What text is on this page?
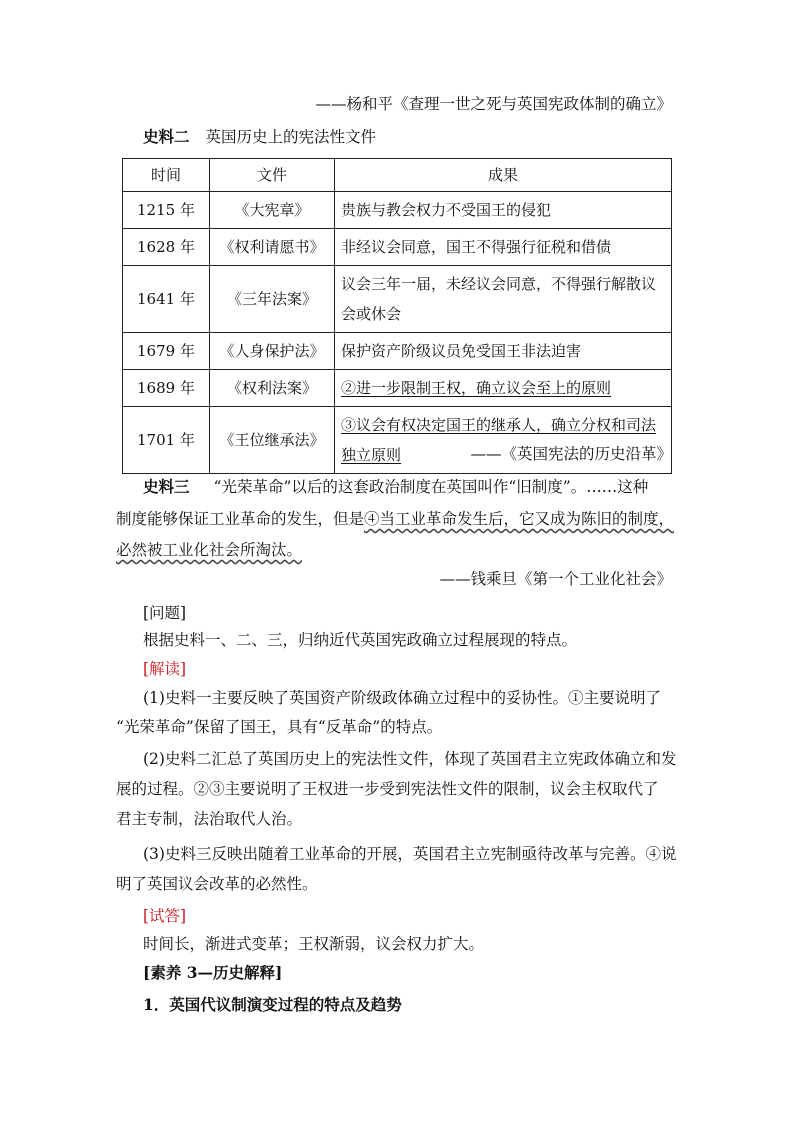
——杨和平《查理一世之死与英国宪政体制的确立》
史料二 英国历史上的宪法性文件
时间	文件	成果
1215 年	《大宪章》	贵族与教会权力不受国王的侵犯
1628 年	《权利请愿书》	非经议会同意，国王不得强行征税和借债
1641 年	《三年法案》	议会三年一届，未经议会同意，不得强行解散议会或休会
1679 年	《人身保护法》	保护资产阶级议员免受国王非法迫害
1689 年	《权利法案》	②进一步限制王权，确立议会至上的原则
1701 年	《王位继承法》	③议会有权决定国王的继承人，确立分权和司法独立原则	——《英国宪法的历史沿革》
史料三 “光荣革命”以后的这套政治制度在英国叫作“旧制度”。……这种
制度能够保证工业革命的发生，但是④当工业革命发生后，它又成为陈旧的制度，
必然被工业化社会所淘汰。
——钱乘旦《第一个工业化社会》
[问题]
根据史料一、二、三，归纳近代英国宪政确立过程展现的特点。
[解读]
(1)史料一主要反映了英国资产阶级政体确立过程中的妥协性。①主要说明了
“光荣革命”保留了国王，具有“反革命”的特点。
(2)史料二汇总了英国历史上的宪法性文件，体现了英国君主立宪政体确立和发
展的过程。②③主要说明了王权进一步受到宪法性文件的限制，议会主权取代了
君主专制，法治取代人治。
(3)史料三反映出随着工业革命的开展，英国君主立宪制亟待改革与完善。④说
明了英国议会改革的必然性。
[试答]
时间长，渐进式变革；王权渐弱，议会权力扩大。
[素养 3—历史解释]
1．英国代议制演变过程的特点及趋势
